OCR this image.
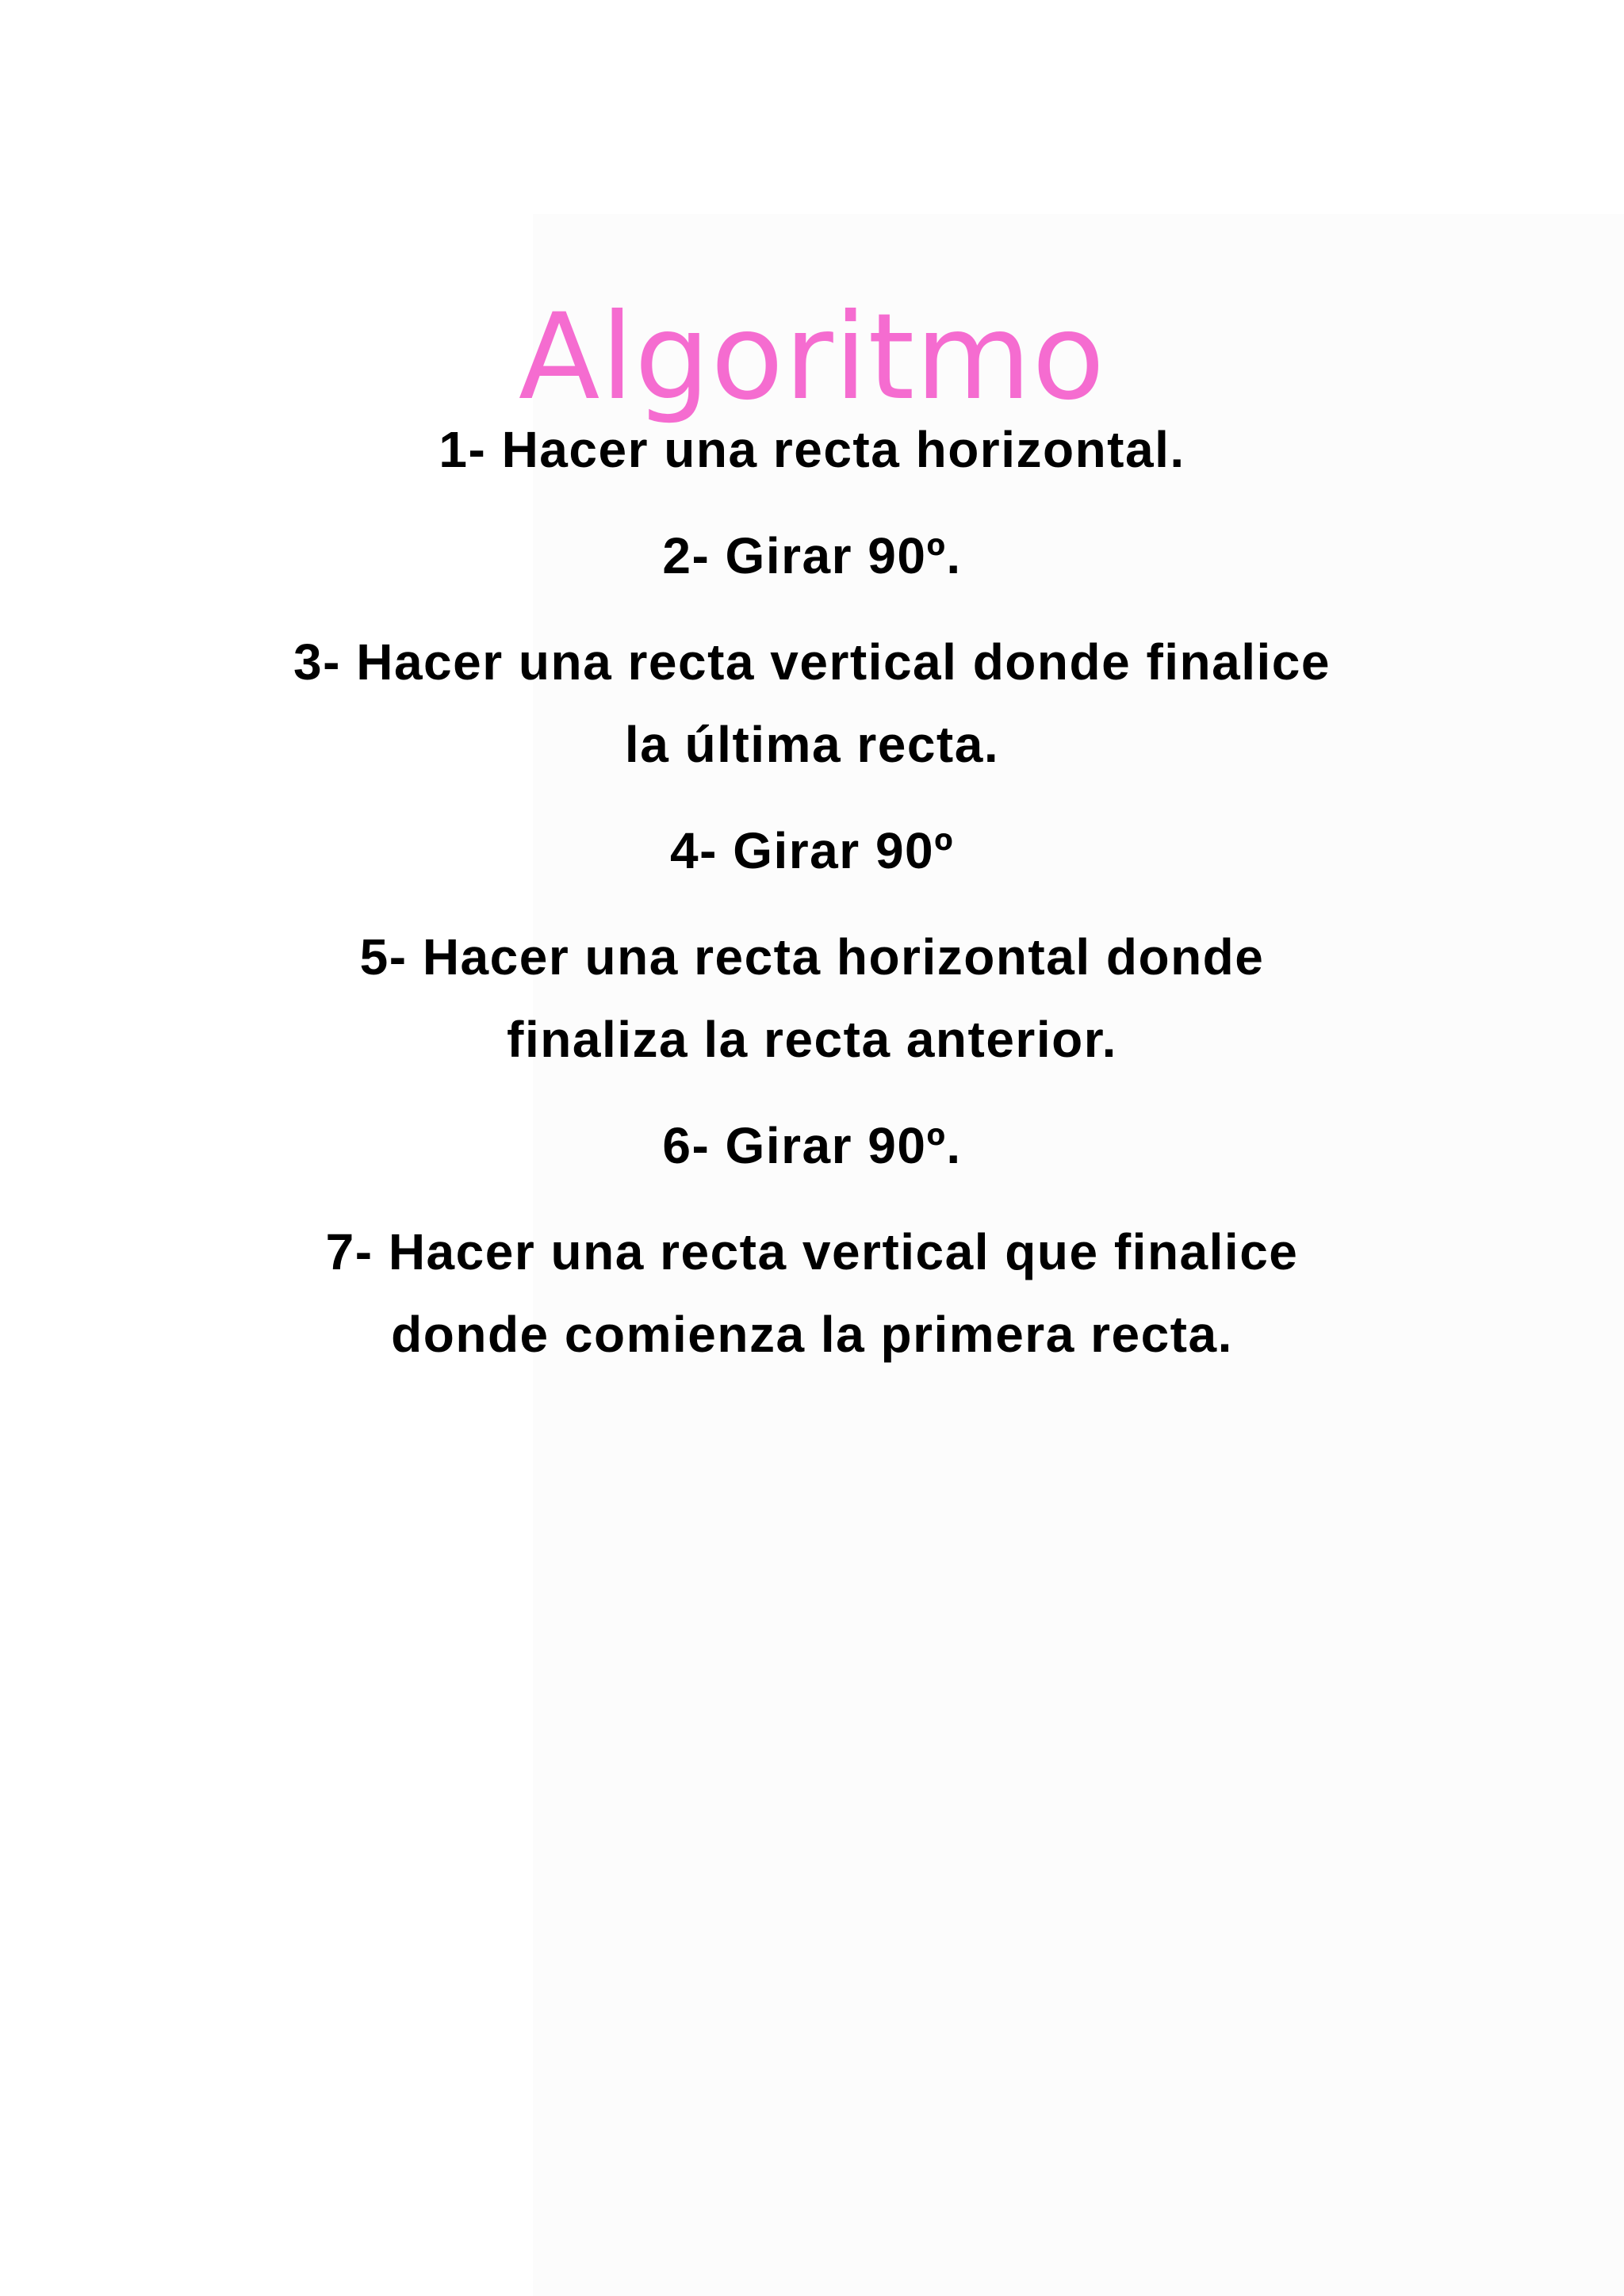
Algoritmo
1- Hacer una recta horizontal.
2- Girar 90º.
3- Hacer una recta vertical donde finalice
la última recta.
4- Girar 90º
5- Hacer una recta horizontal donde
finaliza la recta anterior.
6- Girar 90º.
7- Hacer una recta vertical que finalice
donde comienza la primera recta.
